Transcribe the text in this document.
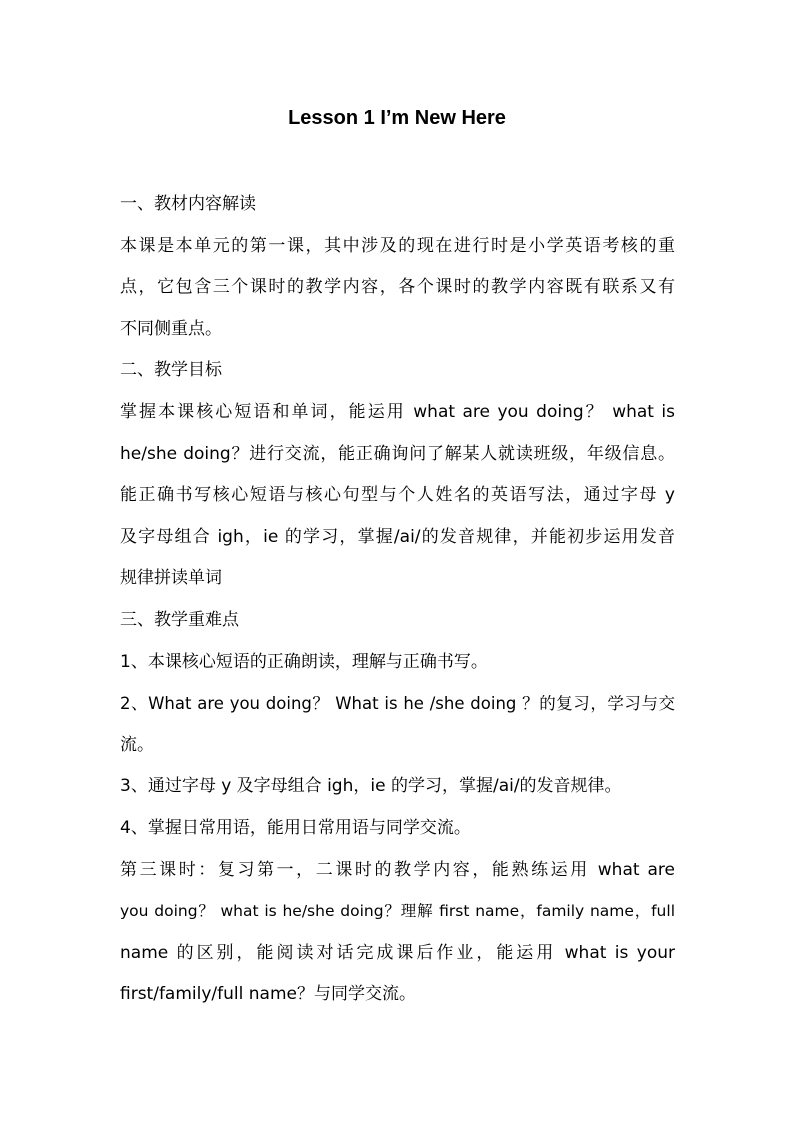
Lesson 1 I’m New Here
一、教材内容解读
本课是本单元的第一课，其中涉及的现在进行时是小学英语考核的重
点，它包含三个课时的教学内容，各个课时的教学内容既有联系又有
不同侧重点。
二、教学目标
掌握本课核心短语和单词，能运用 what are you doing？ what is
he/she doing？进行交流，能正确询问了解某人就读班级，年级信息。
能正确书写核心短语与核心句型与个人姓名的英语写法，通过字母 y
及字母组合 igh，ie 的学习，掌握/ai/的发音规律，并能初步运用发音
规律拼读单词
三、教学重难点
1、本课核心短语的正确朗读，理解与正确书写。
2、What are you doing？ What is he /she doing ？的复习，学习与交
流。
3、通过字母 y 及字母组合 igh，ie 的学习，掌握/ai/的发音规律。
4、掌握日常用语，能用日常用语与同学交流。
第三课时：复习第一，二课时的教学内容，能熟练运用 what are
you doing？ what is he/she doing？理解 first name，family name，full
name 的区别，能阅读对话完成课后作业，能运用 what is your
first/family/full name？与同学交流。
